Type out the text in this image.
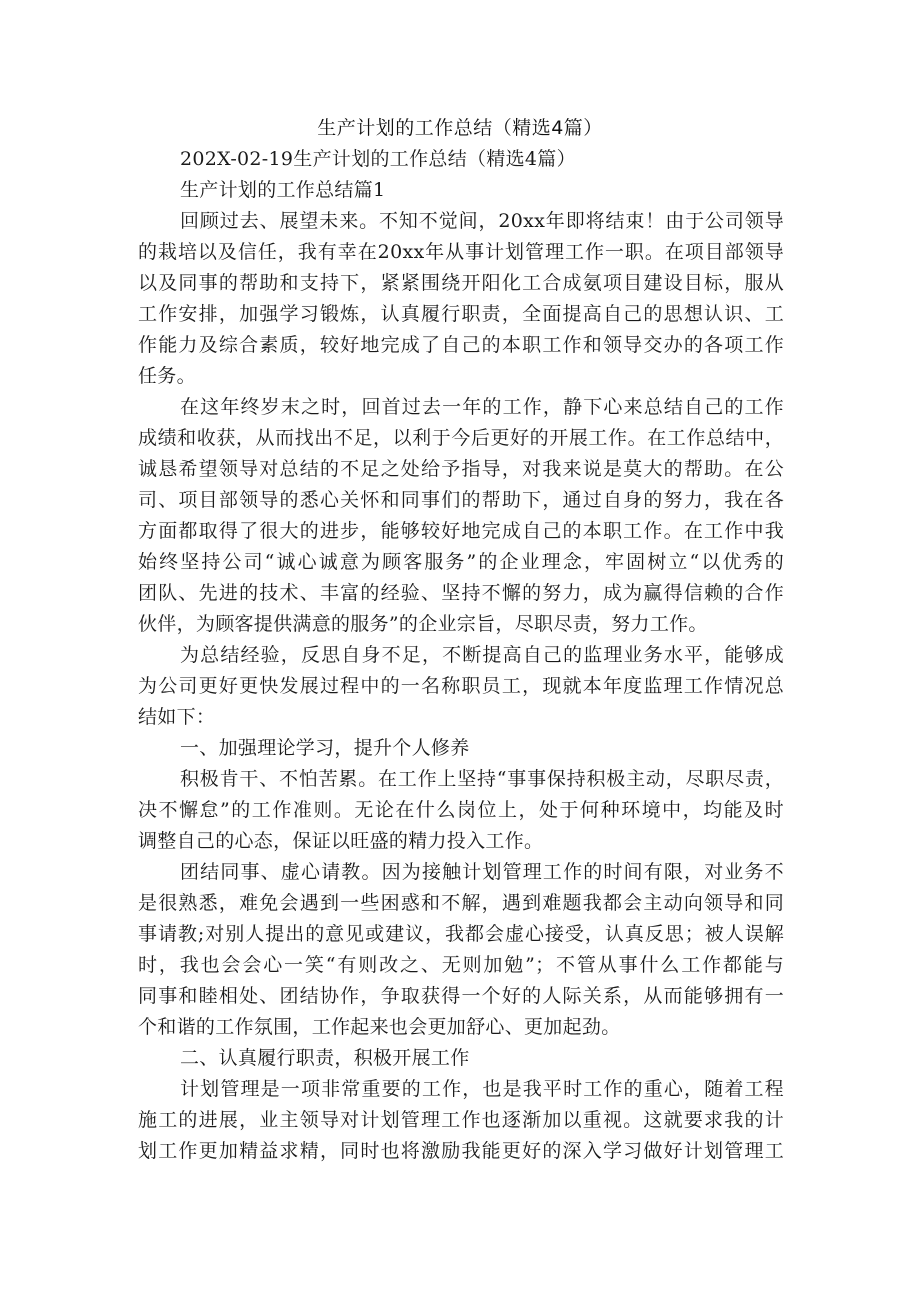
生产计划的工作总结（精选4篇）
202X-02-19生产计划的工作总结（精选4篇）
生产计划的工作总结篇1
回顾过去、展望未来。不知不觉间，20xx年即将结束！由于公司领导
的栽培以及信任，我有幸在20xx年从事计划管理工作一职。在项目部领导
以及同事的帮助和支持下，紧紧围绕开阳化工合成氨项目建设目标，服从
工作安排，加强学习锻炼，认真履行职责，全面提高自己的思想认识、工
作能力及综合素质，较好地完成了自己的本职工作和领导交办的各项工作
任务。
在这年终岁末之时，回首过去一年的工作，静下心来总结自己的工作
成绩和收获，从而找出不足，以利于今后更好的开展工作。在工作总结中，
诚恳希望领导对总结的不足之处给予指导，对我来说是莫大的帮助。在公
司、项目部领导的悉心关怀和同事们的帮助下，通过自身的努力，我在各
方面都取得了很大的进步，能够较好地完成自己的本职工作。在工作中我
始终坚持公司“诚心诚意为顾客服务”的企业理念，牢固树立“以优秀的
团队、先进的技术、丰富的经验、坚持不懈的努力，成为赢得信赖的合作
伙伴，为顾客提供满意的服务”的企业宗旨，尽职尽责，努力工作。
为总结经验，反思自身不足，不断提高自己的监理业务水平，能够成
为公司更好更快发展过程中的一名称职员工，现就本年度监理工作情况总
结如下：
一、加强理论学习，提升个人修养
积极肯干、不怕苦累。在工作上坚持“事事保持积极主动，尽职尽责，
决不懈怠”的工作准则。无论在什么岗位上，处于何种环境中，均能及时
调整自己的心态，保证以旺盛的精力投入工作。
团结同事、虚心请教。因为接触计划管理工作的时间有限，对业务不
是很熟悉，难免会遇到一些困惑和不解，遇到难题我都会主动向领导和同
事请教;对别人提出的意见或建议，我都会虚心接受，认真反思；被人误解
时，我也会会心一笑“有则改之、无则加勉”；不管从事什么工作都能与
同事和睦相处、团结协作，争取获得一个好的人际关系，从而能够拥有一
个和谐的工作氛围，工作起来也会更加舒心、更加起劲。
二、认真履行职责，积极开展工作
计划管理是一项非常重要的工作，也是我平时工作的重心，随着工程
施工的进展，业主领导对计划管理工作也逐渐加以重视。这就要求我的计
划工作更加精益求精，同时也将激励我能更好的深入学习做好计划管理工
